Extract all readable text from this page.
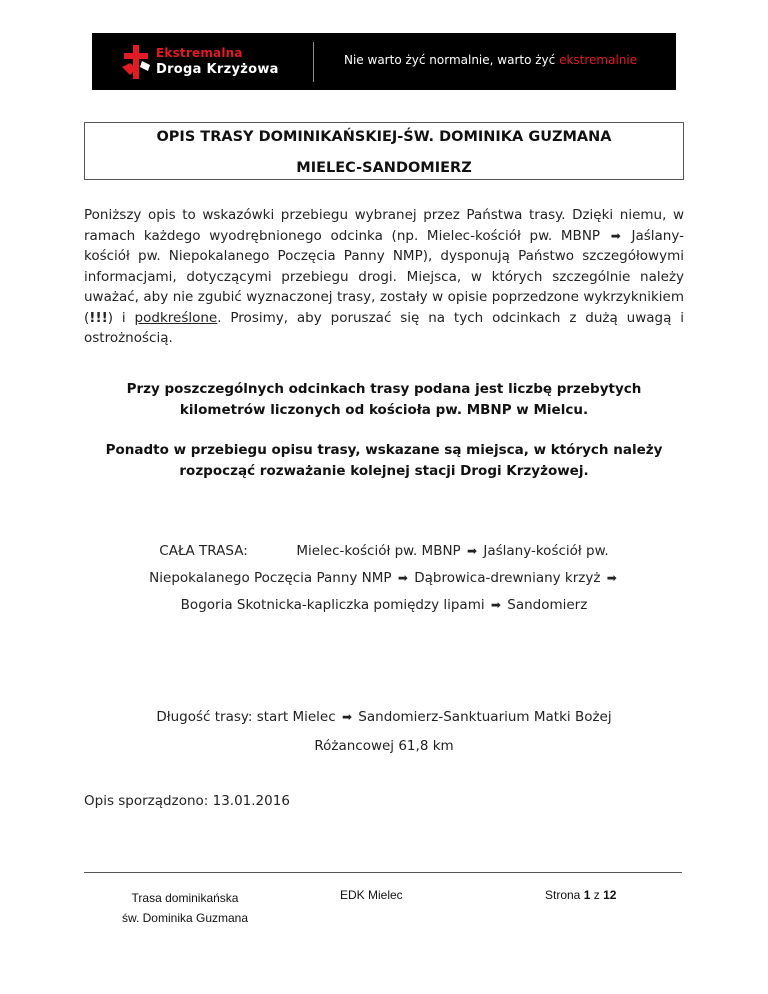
Ekstremalna
Droga Krzyżowa
Nie warto żyć normalnie, warto żyć ekstremalnie
OPIS TRASY DOMINIKAŃSKIEJ-ŚW. DOMINIKA GUZMANA
MIELEC-SANDOMIERZ
Poniższy opis to wskazówki przebiegu wybranej przez Państwa trasy. Dzięki niemu, w ramach każdego wyodrębnionego odcinka (np. Mielec-kościół pw. MBNP ➡ Jaślany-kościół pw. Niepokalanego Poczęcia Panny NMP), dysponują Państwo szczegółowymi informacjami, dotyczącymi przebiegu drogi. Miejsca, w których szczególnie należy uważać, aby nie zgubić wyznaczonej trasy, zostały w opisie poprzedzone wykrzyknikiem (!!!) i podkreślone. Prosimy, aby poruszać się na tych odcinkach z dużą uwagą i ostrożnością.
Przy poszczególnych odcinkach trasy podana jest liczbę przebytych kilometrów liczonych od kościoła pw. MBNP w Mielcu.
Ponadto w przebiegu opisu trasy, wskazane są miejsca, w których należy rozpocząć rozważanie kolejnej stacji Drogi Krzyżowej.
CAŁA TRASA:	Mielec-kościół pw. MBNP ➡ Jaślany-kościół pw.
Niepokalanego Poczęcia Panny NMP ➡ Dąbrowica-drewniany krzyż ➡
Bogoria Skotnicka-kapliczka pomiędzy lipami ➡ Sandomierz
Długość trasy: start Mielec ➡ Sandomierz-Sanktuarium Matki Bożej
Różancowej 61,8 km
Opis sporządzono: 13.01.2016
Trasa dominikańska
św. Dominika Guzmana
EDK Mielec	Strona 1 z 12
